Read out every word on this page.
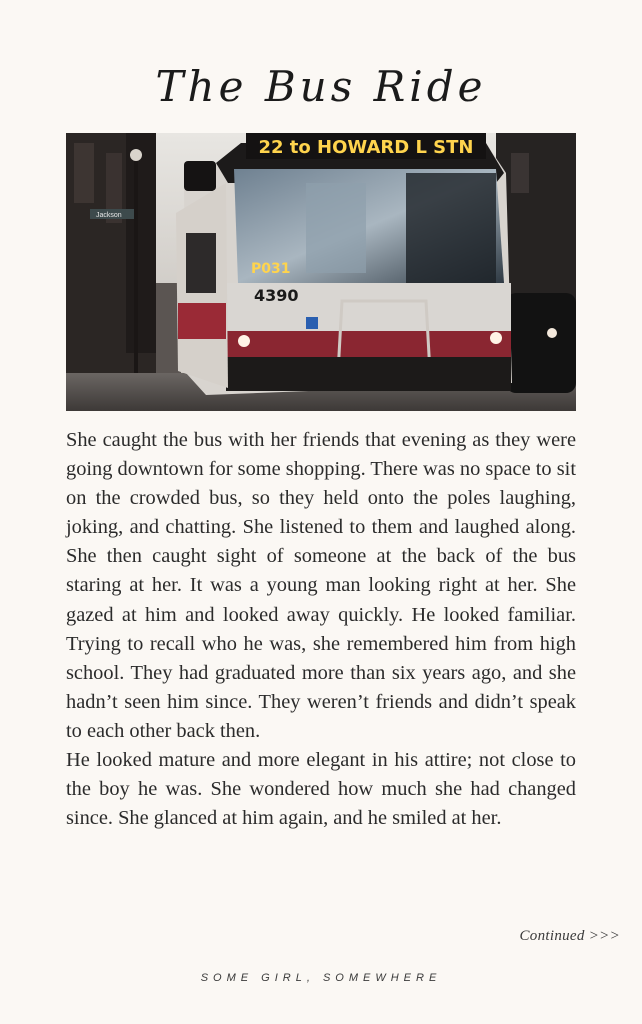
The Bus Ride
Jackson
22 to HOWARD L STN
P031
4390

She caught the bus with her friends that evening as they were going downtown for some shopping. There was no space to sit on the crowded bus, so they held onto the poles laughing, joking, and chatting. She listened to them and laughed along. She then caught sight of someone at the back of the bus staring at her. It was a young man looking right at her. She gazed at him and looked away quickly. He looked familiar. Trying to recall who he was, she remembered him from high school. They had graduated more than six years ago, and she hadn’t seen him since. They weren’t friends and didn’t speak to each other back then.

He looked mature and more elegant in his attire; not close to the boy he was. She wondered how much she had changed since. She glanced at him again, and he smiled at her.

Continued >>>
SOME GIRL, SOMEWHERE
